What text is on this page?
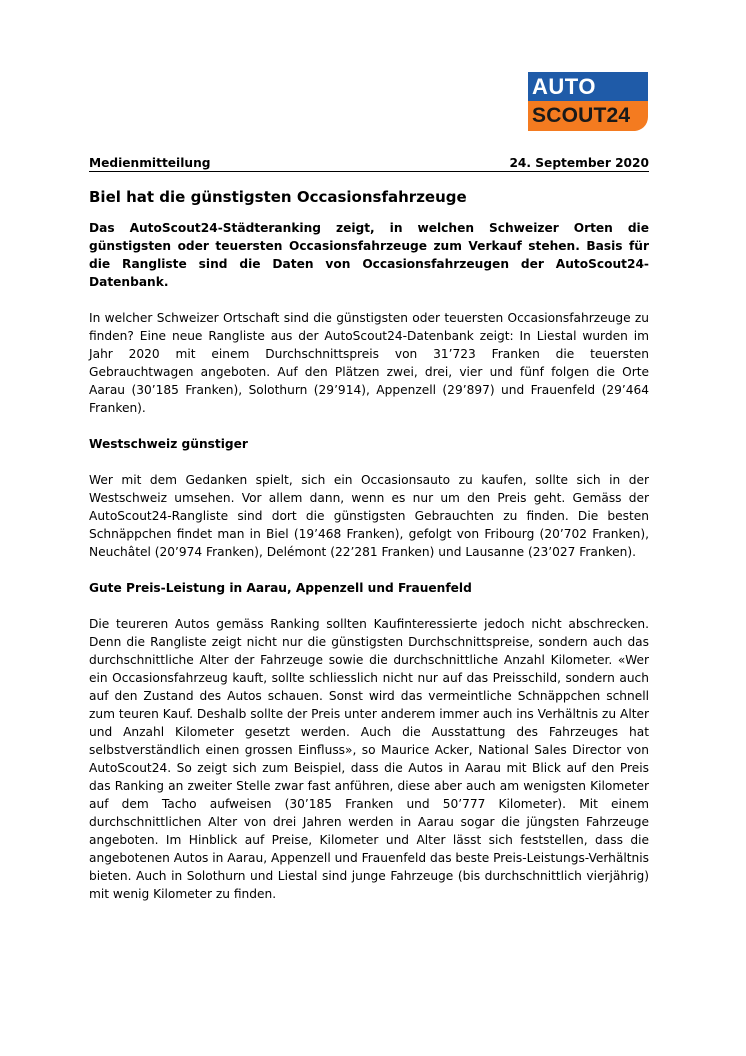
AUTO
SCOUT24
Medienmitteilung	24. September 2020
Biel hat die günstigsten Occasionsfahrzeuge

Das AutoScout24-Städteranking zeigt, in welchen Schweizer Orten die günstigsten oder teuersten Occasionsfahrzeuge zum Verkauf stehen. Basis für die Rangliste sind die Daten von Occasionsfahrzeugen der AutoScout24-Datenbank.

In welcher Schweizer Ortschaft sind die günstigsten oder teuersten Occasionsfahrzeuge zu finden? Eine neue Rangliste aus der AutoScout24-Datenbank zeigt: In Liestal wurden im Jahr 2020 mit einem Durchschnittspreis von 31’723 Franken die teuersten Gebrauchtwagen angeboten. Auf den Plätzen zwei, drei, vier und fünf folgen die Orte Aarau (30’185 Franken), Solothurn (29’914), Appenzell (29’897) und Frauenfeld (29’464 Franken).

Westschweiz günstiger

Wer mit dem Gedanken spielt, sich ein Occasionsauto zu kaufen, sollte sich in der Westschweiz umsehen. Vor allem dann, wenn es nur um den Preis geht. Gemäss der AutoScout24-Rangliste sind dort die günstigsten Gebrauchten zu finden. Die besten Schnäppchen findet man in Biel (19’468 Franken), gefolgt von Fribourg (20’702 Franken), Neuchâtel (20’974 Franken), Delémont (22’281 Franken) und Lausanne (23’027 Franken).

Gute Preis-Leistung in Aarau, Appenzell und Frauenfeld

Die teureren Autos gemäss Ranking sollten Kaufinteressierte jedoch nicht abschrecken. Denn die Rangliste zeigt nicht nur die günstigsten Durchschnittspreise, sondern auch das durchschnittliche Alter der Fahrzeuge sowie die durchschnittliche Anzahl Kilometer. «Wer ein Occasionsfahrzeug kauft, sollte schliesslich nicht nur auf das Preisschild, sondern auch auf den Zustand des Autos schauen. Sonst wird das vermeintliche Schnäppchen schnell zum teuren Kauf. Deshalb sollte der Preis unter anderem immer auch ins Verhältnis zu Alter und Anzahl Kilometer gesetzt werden. Auch die Ausstattung des Fahrzeuges hat selbstverständlich einen grossen Einfluss», so Maurice Acker, National Sales Director von AutoScout24. So zeigt sich zum Beispiel, dass die Autos in Aarau mit Blick auf den Preis das Ranking an zweiter Stelle zwar fast anführen, diese aber auch am wenigsten Kilometer auf dem Tacho aufweisen (30’185 Franken und 50’777 Kilometer). Mit einem durchschnittlichen Alter von drei Jahren werden in Aarau sogar die jüngsten Fahrzeuge angeboten. Im Hinblick auf Preise, Kilometer und Alter lässt sich feststellen, dass die angebotenen Autos in Aarau, Appenzell und Frauenfeld das beste Preis-Leistungs-Verhältnis bieten. Auch in Solothurn und Liestal sind junge Fahrzeuge (bis durchschnittlich vierjährig) mit wenig Kilometer zu finden.
